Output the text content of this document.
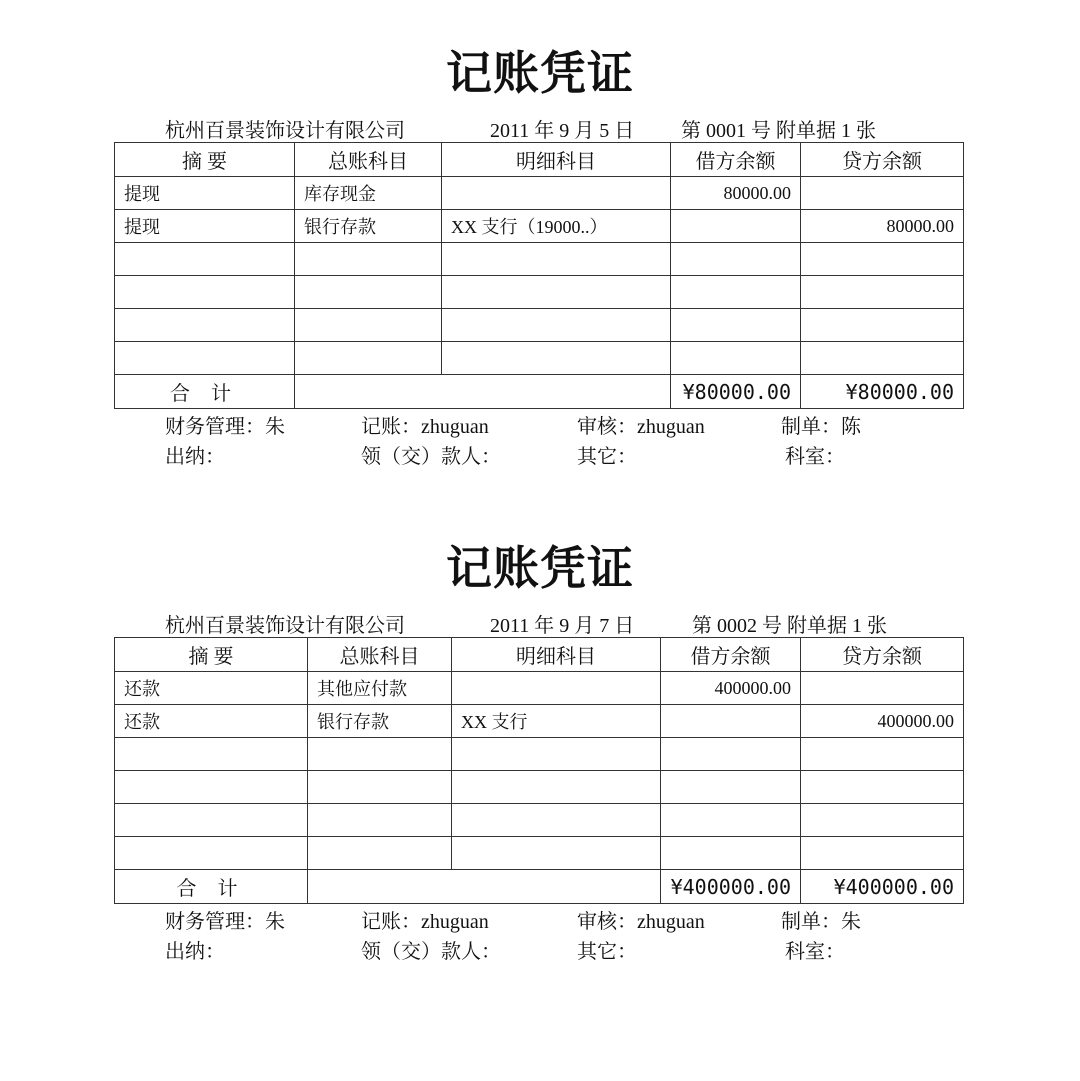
记账凭证
杭州百景装饰设计有限公司	2011 年 9 月 5 日 第 0001 号 附单据 1 张
摘 要	总账科目	明细科目	借方余额	贷方余额
提现	库存现金		80000.00	
提现	银行存款	XX 支行（19000..）		80000.00

合 计			¥80000.00	¥80000.00
财务管理：朱	记账：zhuguan	审核：zhuguan	制单：陈
出纳：	领（交）款人：	其它：	科室：
记账凭证
杭州百景装饰设计有限公司	2011 年 9 月 7 日	第 0002 号 附单据 1 张
摘 要	总账科目	明细科目	借方余额	贷方余额
还款	其他应付款		400000.00	
还款	银行存款	XX 支行		400000.00

合 计			¥400000.00	¥400000.00
财务管理：朱	记账：zhuguan	审核：zhuguan	制单：朱
出纳：	领（交）款人：	其它：	科室：
